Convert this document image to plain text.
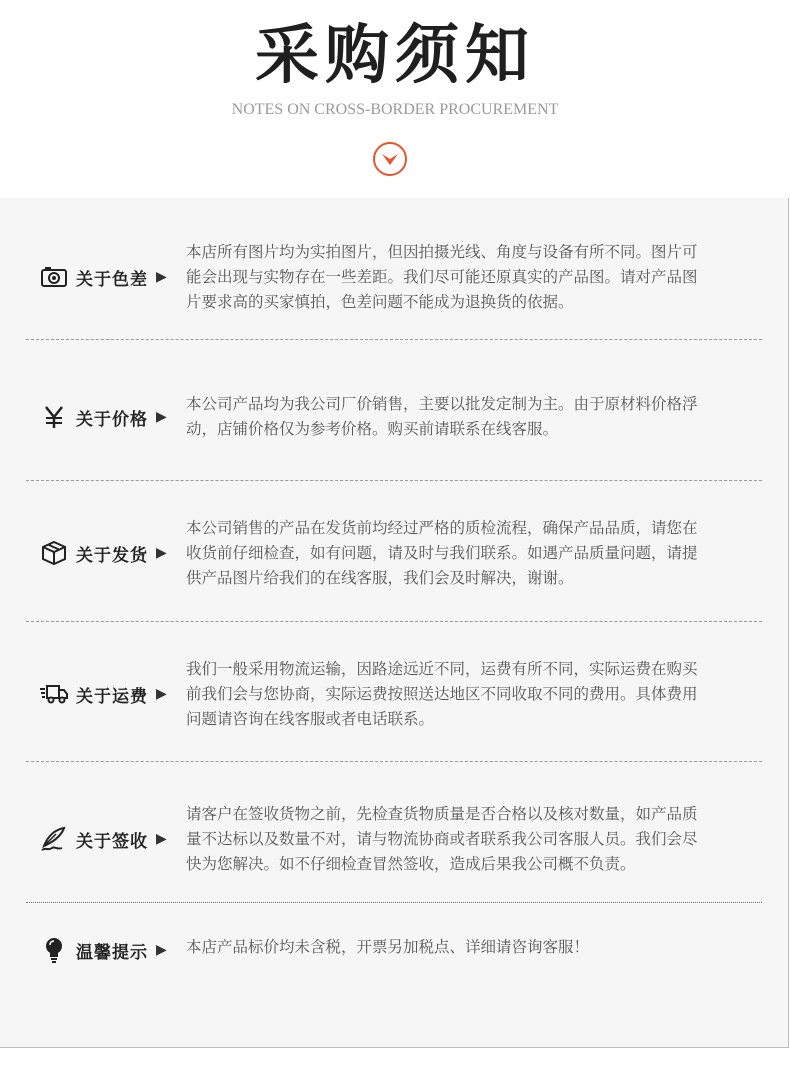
采购须知
NOTES ON CROSS-BORDER PROCUREMENT
关于色差 ▶
本店所有图片均为实拍图片，但因拍摄光线、角度与设备有所不同。图片可
能会出现与实物存在一些差距。我们尽可能还原真实的产品图。请对产品图
片要求高的买家慎拍，色差问题不能成为退换货的依据。
关于价格 ▶
本公司产品均为我公司厂价销售，主要以批发定制为主。由于原材料价格浮
动，店铺价格仅为参考价格。购买前请联系在线客服。
关于发货 ▶
本公司销售的产品在发货前均经过严格的质检流程，确保产品品质，请您在
收货前仔细检查，如有问题，请及时与我们联系。如遇产品质量问题，请提
供产品图片给我们的在线客服，我们会及时解决，谢谢。
关于运费 ▶
我们一般采用物流运输，因路途远近不同，运费有所不同，实际运费在购买
前我们会与您协商，实际运费按照送达地区不同收取不同的费用。具体费用
问题请咨询在线客服或者电话联系。
关于签收 ▶
请客户在签收货物之前，先检查货物质量是否合格以及核对数量，如产品质
量不达标以及数量不对，请与物流协商或者联系我公司客服人员。我们会尽
快为您解决。如不仔细检查冒然签收，造成后果我公司概不负责。
温馨提示 ▶ 本店产品标价均未含税，开票另加税点、详细请咨询客服！
